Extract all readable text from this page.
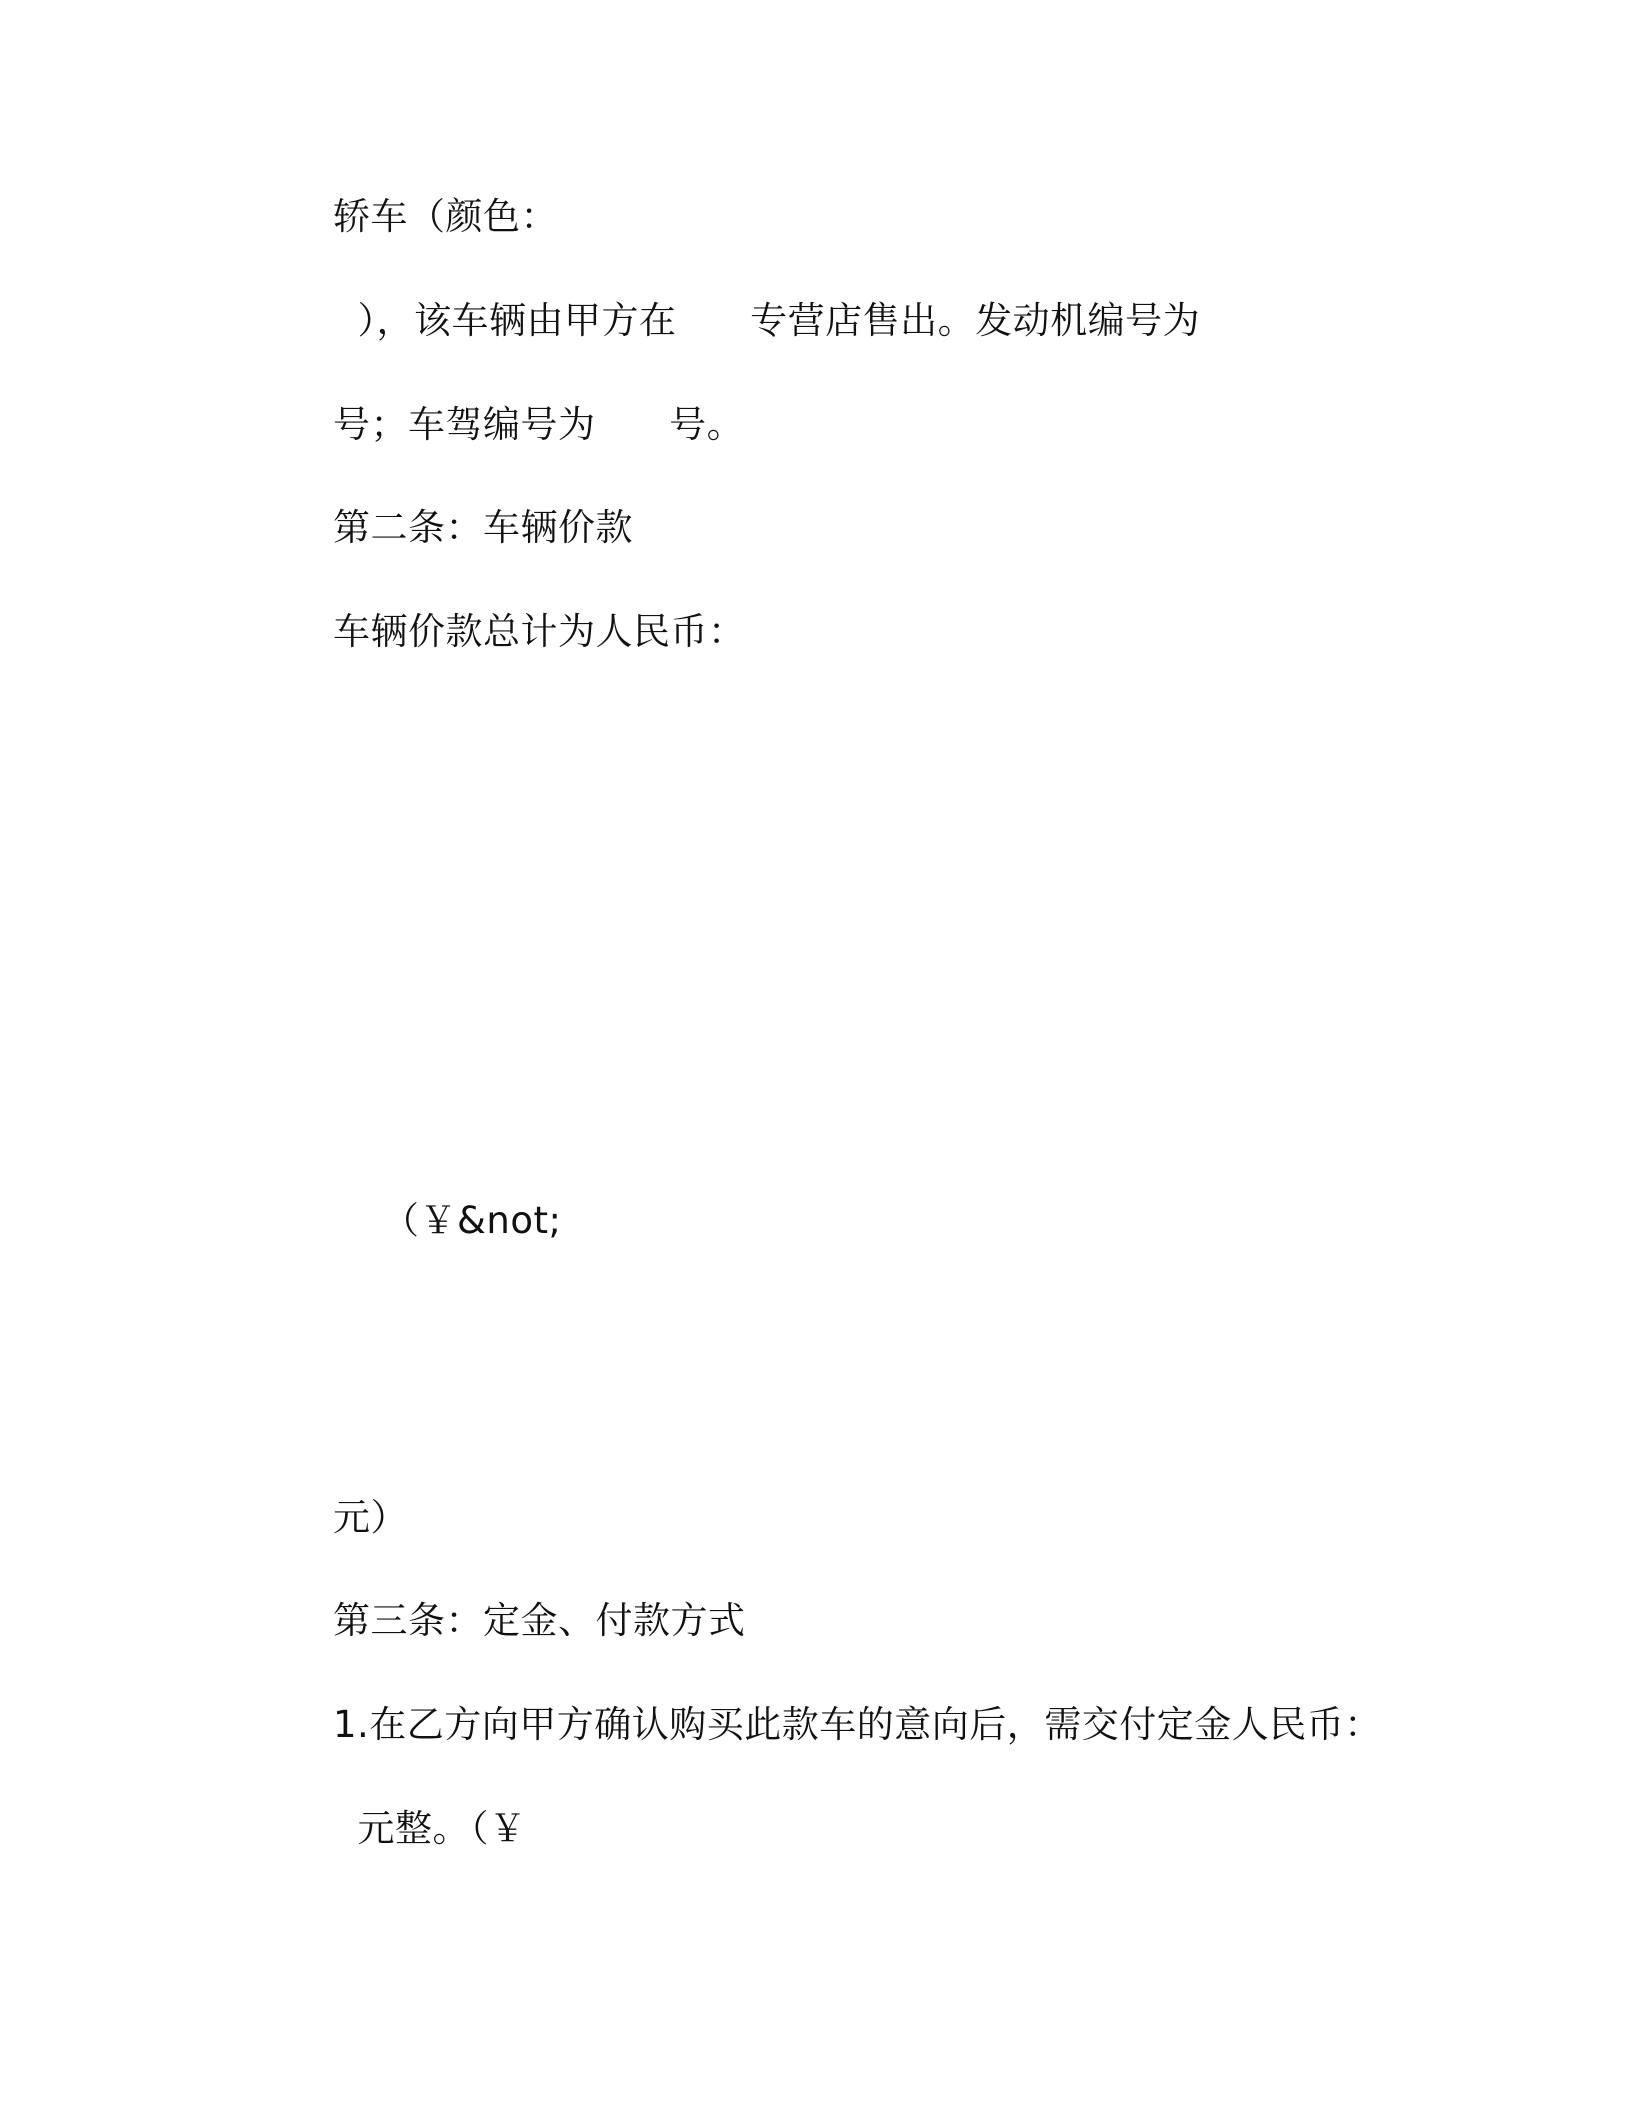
轿车（颜色：
），该车辆由甲方在      专营店售出。发动机编号为
号；车驾编号为      号。
第二条：车辆价款
车辆价款总计为人民币：
（￥&not;
元）
第三条：定金、付款方式
1.在乙方向甲方确认购买此款车的意向后，需交付定金人民币：
元整。（￥
